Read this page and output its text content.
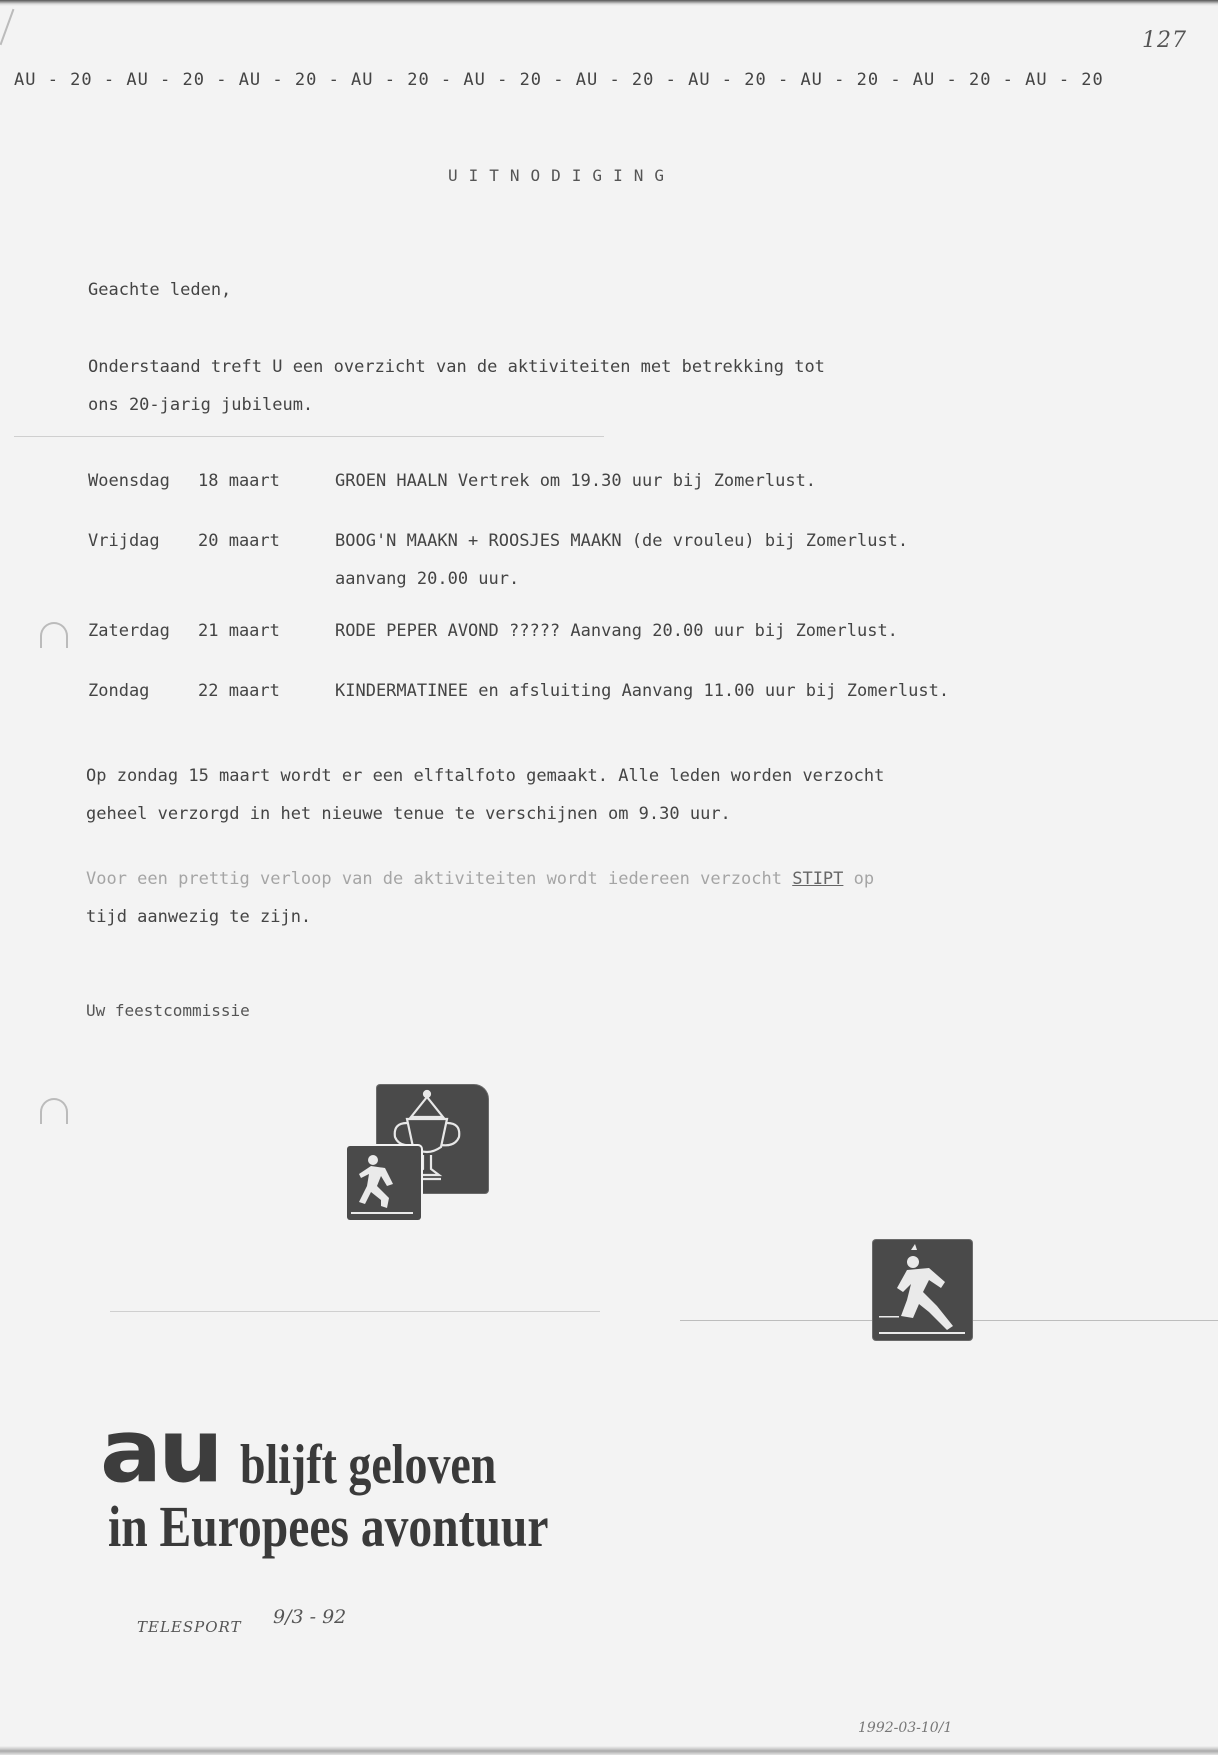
127
AU - 20 - AU - 20 - AU - 20 - AU - 20 - AU - 20 - AU - 20 - AU - 20 - AU - 20 - AU - 20 - AU - 20
UITNODIGING
Geachte leden,
Onderstaand treft U een overzicht van de aktiviteiten met betrekking tot
ons 20-jarig jubileum.
Woensdag	18 maart	GROEN HAALN Vertrek om 19.30 uur bij Zomerlust.
Vrijdag	20 maart	BOOG'N MAAKN + ROOSJES MAAKN (de vrouleu) bij Zomerlust.
aanvang 20.00 uur.
Zaterdag	21 maart	RODE PEPER AVOND ????? Aanvang 20.00 uur bij Zomerlust.
Zondag	22 maart	KINDERMATINEE en afsluiting Aanvang 11.00 uur bij Zomerlust.
Op zondag 15 maart wordt er een elftalfoto gemaakt. Alle leden worden verzocht
geheel verzorgd in het nieuwe tenue te verschijnen om 9.30 uur.
Voor een prettig verloop van de aktiviteiten wordt iedereen verzocht STIPT op
tijd aanwezig te zijn.
Uw feestcommissie
au blijft geloven
in Europees avontuur
TELESPORT 9/3 - 92
1992-03-10/1
